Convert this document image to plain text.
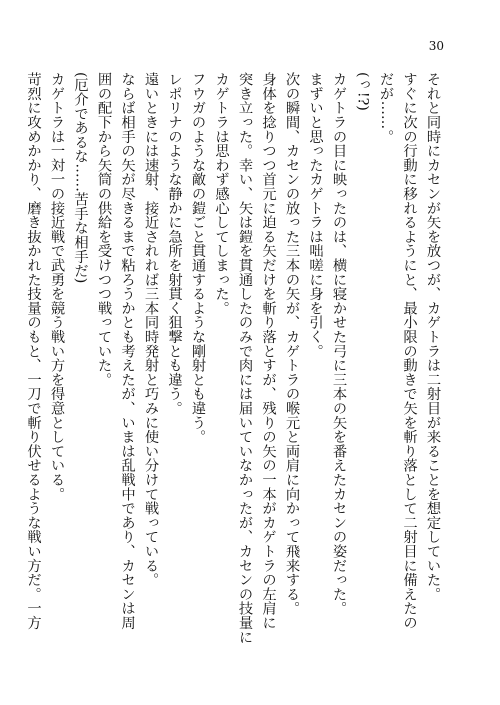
30
それと同時にカセンが矢を放つが、カゲトラは二射目が来ることを想定していた。
すぐに次の行動に移れるようにと、最小限の動きで矢を斬り落として二射目に備えたの
だが……。
(っ!?)
カゲトラの目に映ったのは、横に寝かせた弓に三本の矢を番えたカセンの姿だった。
まずいと思ったカゲトラは咄嗟に身を引く。
次の瞬間、カセンの放った三本の矢が、カゲトラの喉元と両肩に向かって飛来する。
身体を捻りつつ首元に迫る矢だけを斬り落とすが、残りの矢の一本がカゲトラの左肩に
突き立った。幸い、矢は鎧を貫通したのみで肉には届いていなかったが、カセンの技量に
カゲトラは思わず感心してしまった。
フウガのような敵の鎧ごと貫通するような剛射とも違う。
レポリナのような静かに急所を射貫く狙撃とも違う。
遠いときには速射、接近されれば三本同時発射と巧みに使い分けて戦っている。
ならば相手の矢が尽きるまで粘ろうかとも考えたが、いまは乱戦中であり、カセンは周
囲の配下から矢筒の供給を受けつつ戦っていた。
(厄介であるな……苦手な相手だ)
カゲトラは一対一の接近戦で武勇を競う戦い方を得意としている。
苛烈に攻めかかり、磨き抜かれた技量のもと、一刀で斬り伏せるような戦い方だ。一方
